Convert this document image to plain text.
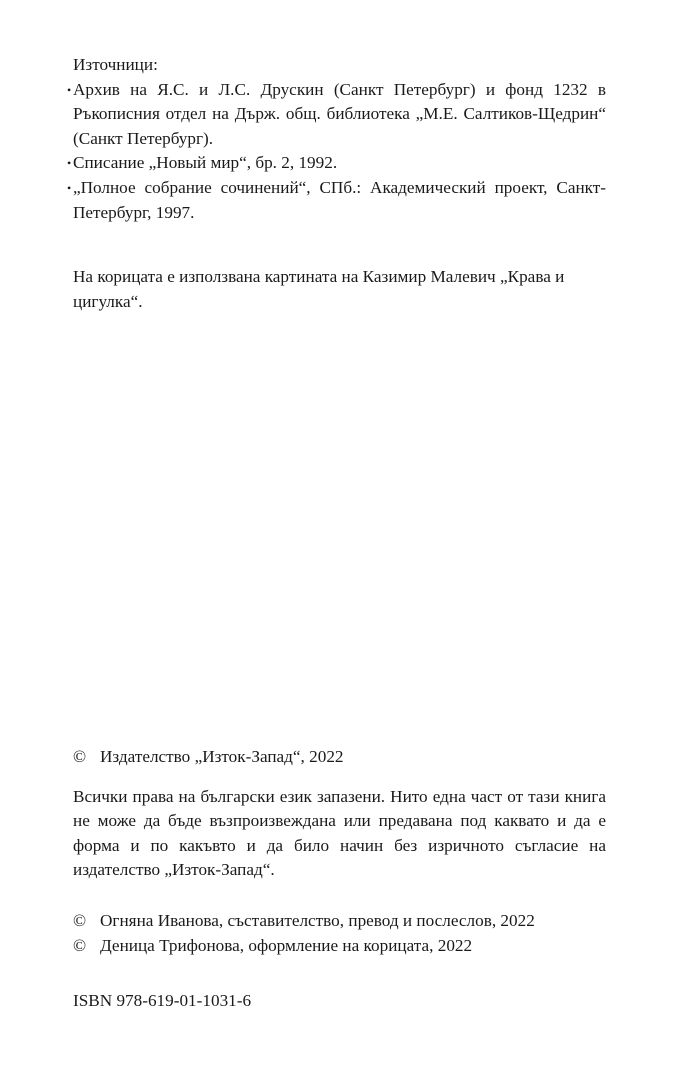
Източници:

• Архив на Я.С. и Л.С. Друскин (Санкт Петербург) и фонд 1232 в Ръкописния отдел на Държ. общ. библиотека „М.Е. Салтиков-Щедрин“ (Санкт Петербург).
• Списание „Новый мир“, бр. 2, 1992.
• „Полное собрание сочинений“, СПб.: Академический проект, Санкт-Петербург, 1997.

На корицата е използвана картината на Казимир Малевич „Крава и цигулка“.

© Издателство „Изток-Запад“, 2022

Всички права на български език запазени. Нито една част от тази книга не може да бъде възпроизвеждана или предавана под каквато и да е форма и по какъвто и да било начин без изричното съгласие на издателство „Изток-Запад“.

© Огняна Иванова, съставителство, превод и послеслов, 2022

© Деница Трифонова, оформление на корицата, 2022

ISBN 978-619-01-1031-6
